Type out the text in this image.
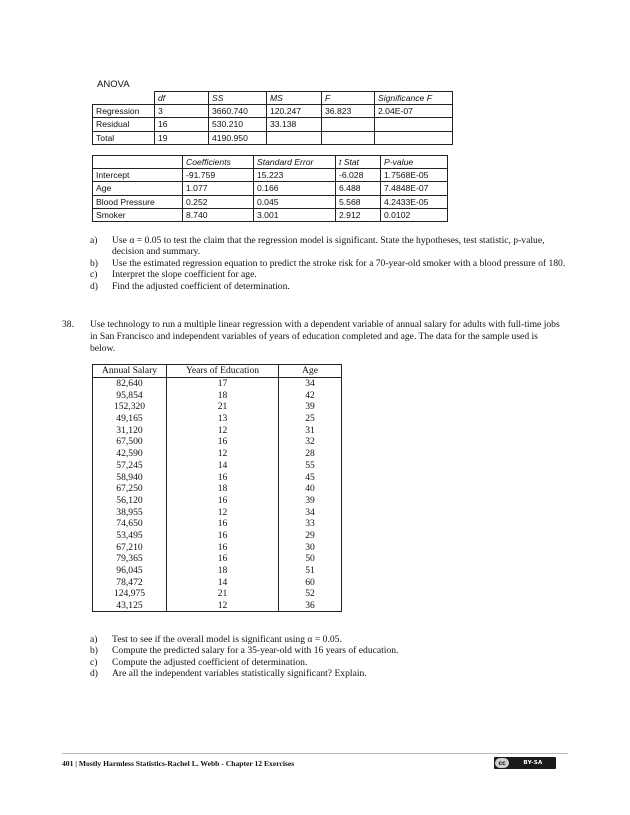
ANOVA
	df	SS	MS	F	Significance F
Regression	3	3660.740	120.247	36.823	2.04E-07
Residual	16	530.210	33.138		
Total	19	4190.950			
	Coefficients	Standard Error	t Stat	P-value
Intercept	-91.759	15.223	-6.028	1.7568E-05
Age	1.077	0.166	6.488	7.4848E-07
Blood Pressure	0.252	0.045	5.568	4.2433E-05
Smoker	8.740	3.001	2.912	0.0102
a)	Use α = 0.05 to test the claim that the regression model is significant. State the hypotheses, test statistic, p-value, decision and summary.
b)	Use the estimated regression equation to predict the stroke risk for a 70-year-old smoker with a blood pressure of 180.
c)	Interpret the slope coefficient for age.
d)	Find the adjusted coefficient of determination.
38.	Use technology to run a multiple linear regression with a dependent variable of annual salary for adults with full-time jobs in San Francisco and independent variables of years of education completed and age. The data for the sample used is below.
Annual Salary	Years of Education	Age
82,640	17	34
95,854	18	42
152,320	21	39
49,165	13	25
31,120	12	31
67,500	16	32
42,590	12	28
57,245	14	55
58,940	16	45
67,250	18	40
56,120	16	39
38,955	12	34
74,650	16	33
53,495	16	29
67,210	16	30
79,365	16	50
96,045	18	51
78,472	14	60
124,975	21	52
43,125	12	36
a)	Test to see if the overall model is significant using α = 0.05.
b)	Compute the predicted salary for a 35-year-old with 16 years of education.
c)	Compute the adjusted coefficient of determination.
d)	Are all the independent variables statistically significant? Explain.
401 | Mostly Harmless Statistics-Rachel L. Webb - Chapter 12 Exercises	cc	BY-SA
